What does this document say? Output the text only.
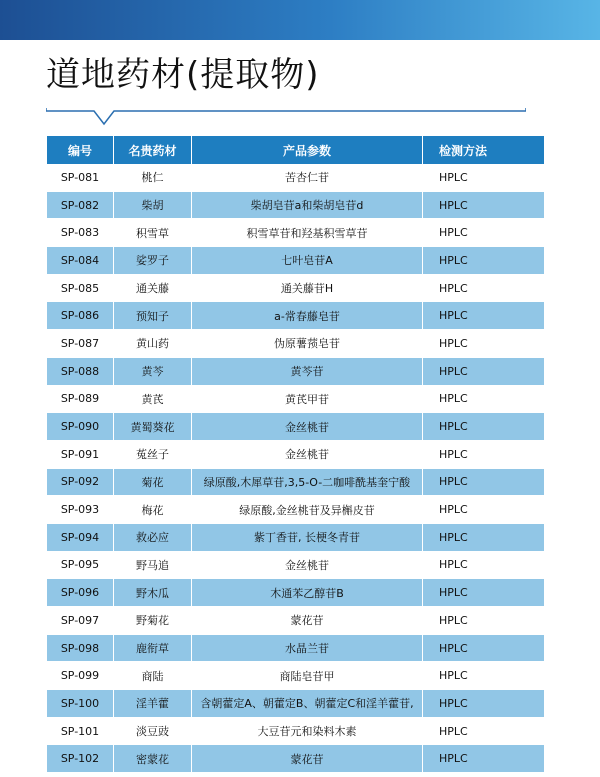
道地药材(提取物)
编号	名贵药材	产品参数	检测方法
SP-081	桃仁	苦杏仁苷	HPLC
SP-082	柴胡	柴胡皂苷a和柴胡皂苷d	HPLC
SP-083	积雪草	积雪草苷和羟基积雪草苷	HPLC
SP-084	娑罗子	七叶皂苷A	HPLC
SP-085	通关藤	通关藤苷H	HPLC
SP-086	预知子	a-常春藤皂苷	HPLC
SP-087	黄山药	伪原薯蓣皂苷	HPLC
SP-088	黄芩	黄芩苷	HPLC
SP-089	黄芪	黄芪甲苷	HPLC
SP-090	黄蜀葵花	金丝桃苷	HPLC
SP-091	菟丝子	金丝桃苷	HPLC
SP-092	菊花	绿原酸,木犀草苷,3,5-O-二咖啡酰基奎宁酸	HPLC
SP-093	梅花	绿原酸,金丝桃苷及异槲皮苷	HPLC
SP-094	救必应	紫丁香苷, 长梗冬青苷	HPLC
SP-095	野马追	金丝桃苷	HPLC
SP-096	野木瓜	木通苯乙醇苷B	HPLC
SP-097	野菊花	蒙花苷	HPLC
SP-098	鹿衔草	水晶兰苷	HPLC
SP-099	商陆	商陆皂苷甲	HPLC
SP-100	淫羊藿	含朝藿定A、朝藿定B、朝藿定C和淫羊藿苷,	HPLC
SP-101	淡豆豉	大豆苷元和染料木素	HPLC
SP-102	密蒙花	蒙花苷	HPLC
